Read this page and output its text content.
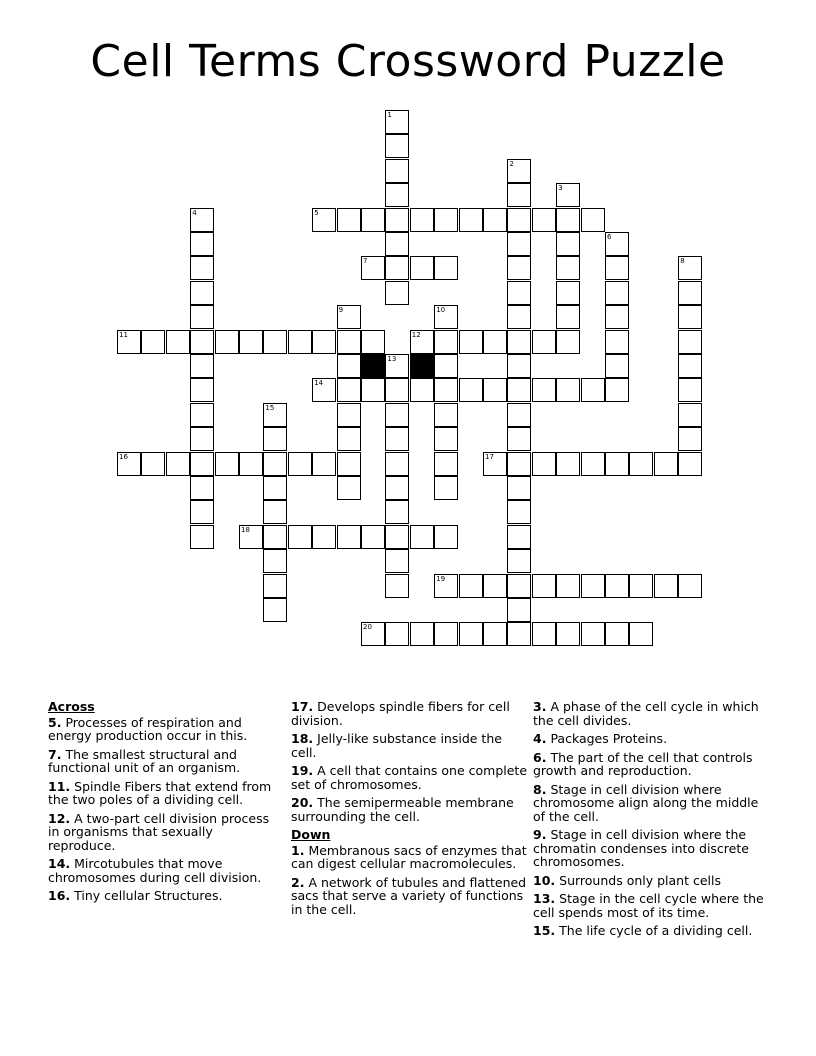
Cell Terms Crossword Puzzle
1
2
3
4	5
6
7	8
9	10
11	12
13
14
15
16	17
18
19
20
Across
5. Processes of respiration and energy production occur in this.
7. The smallest structural and functional unit of an organism.
11. Spindle Fibers that extend from the two poles of a dividing cell.
12. A two-part cell division process in organisms that sexually reproduce.
14. Mircotubules that move chromosomes during cell division.
16. Tiny cellular Structures.
17. Develops spindle fibers for cell division.
18. Jelly-like substance inside the cell.
19. A cell that contains one complete set of chromosomes.
20. The semipermeable membrane surrounding the cell.
Down
1. Membranous sacs of enzymes that can digest cellular macromolecules.
2. A network of tubules and flattened sacs that serve a variety of functions in the cell.
3. A phase of the cell cycle in which the cell divides.
4. Packages Proteins.
6. The part of the cell that controls growth and reproduction.
8. Stage in cell division where chromosome align along the middle of the cell.
9. Stage in cell division where the chromatin condenses into discrete chromosomes.
10. Surrounds only plant cells
13. Stage in the cell cycle where the cell spends most of its time.
15. The life cycle of a dividing cell.
